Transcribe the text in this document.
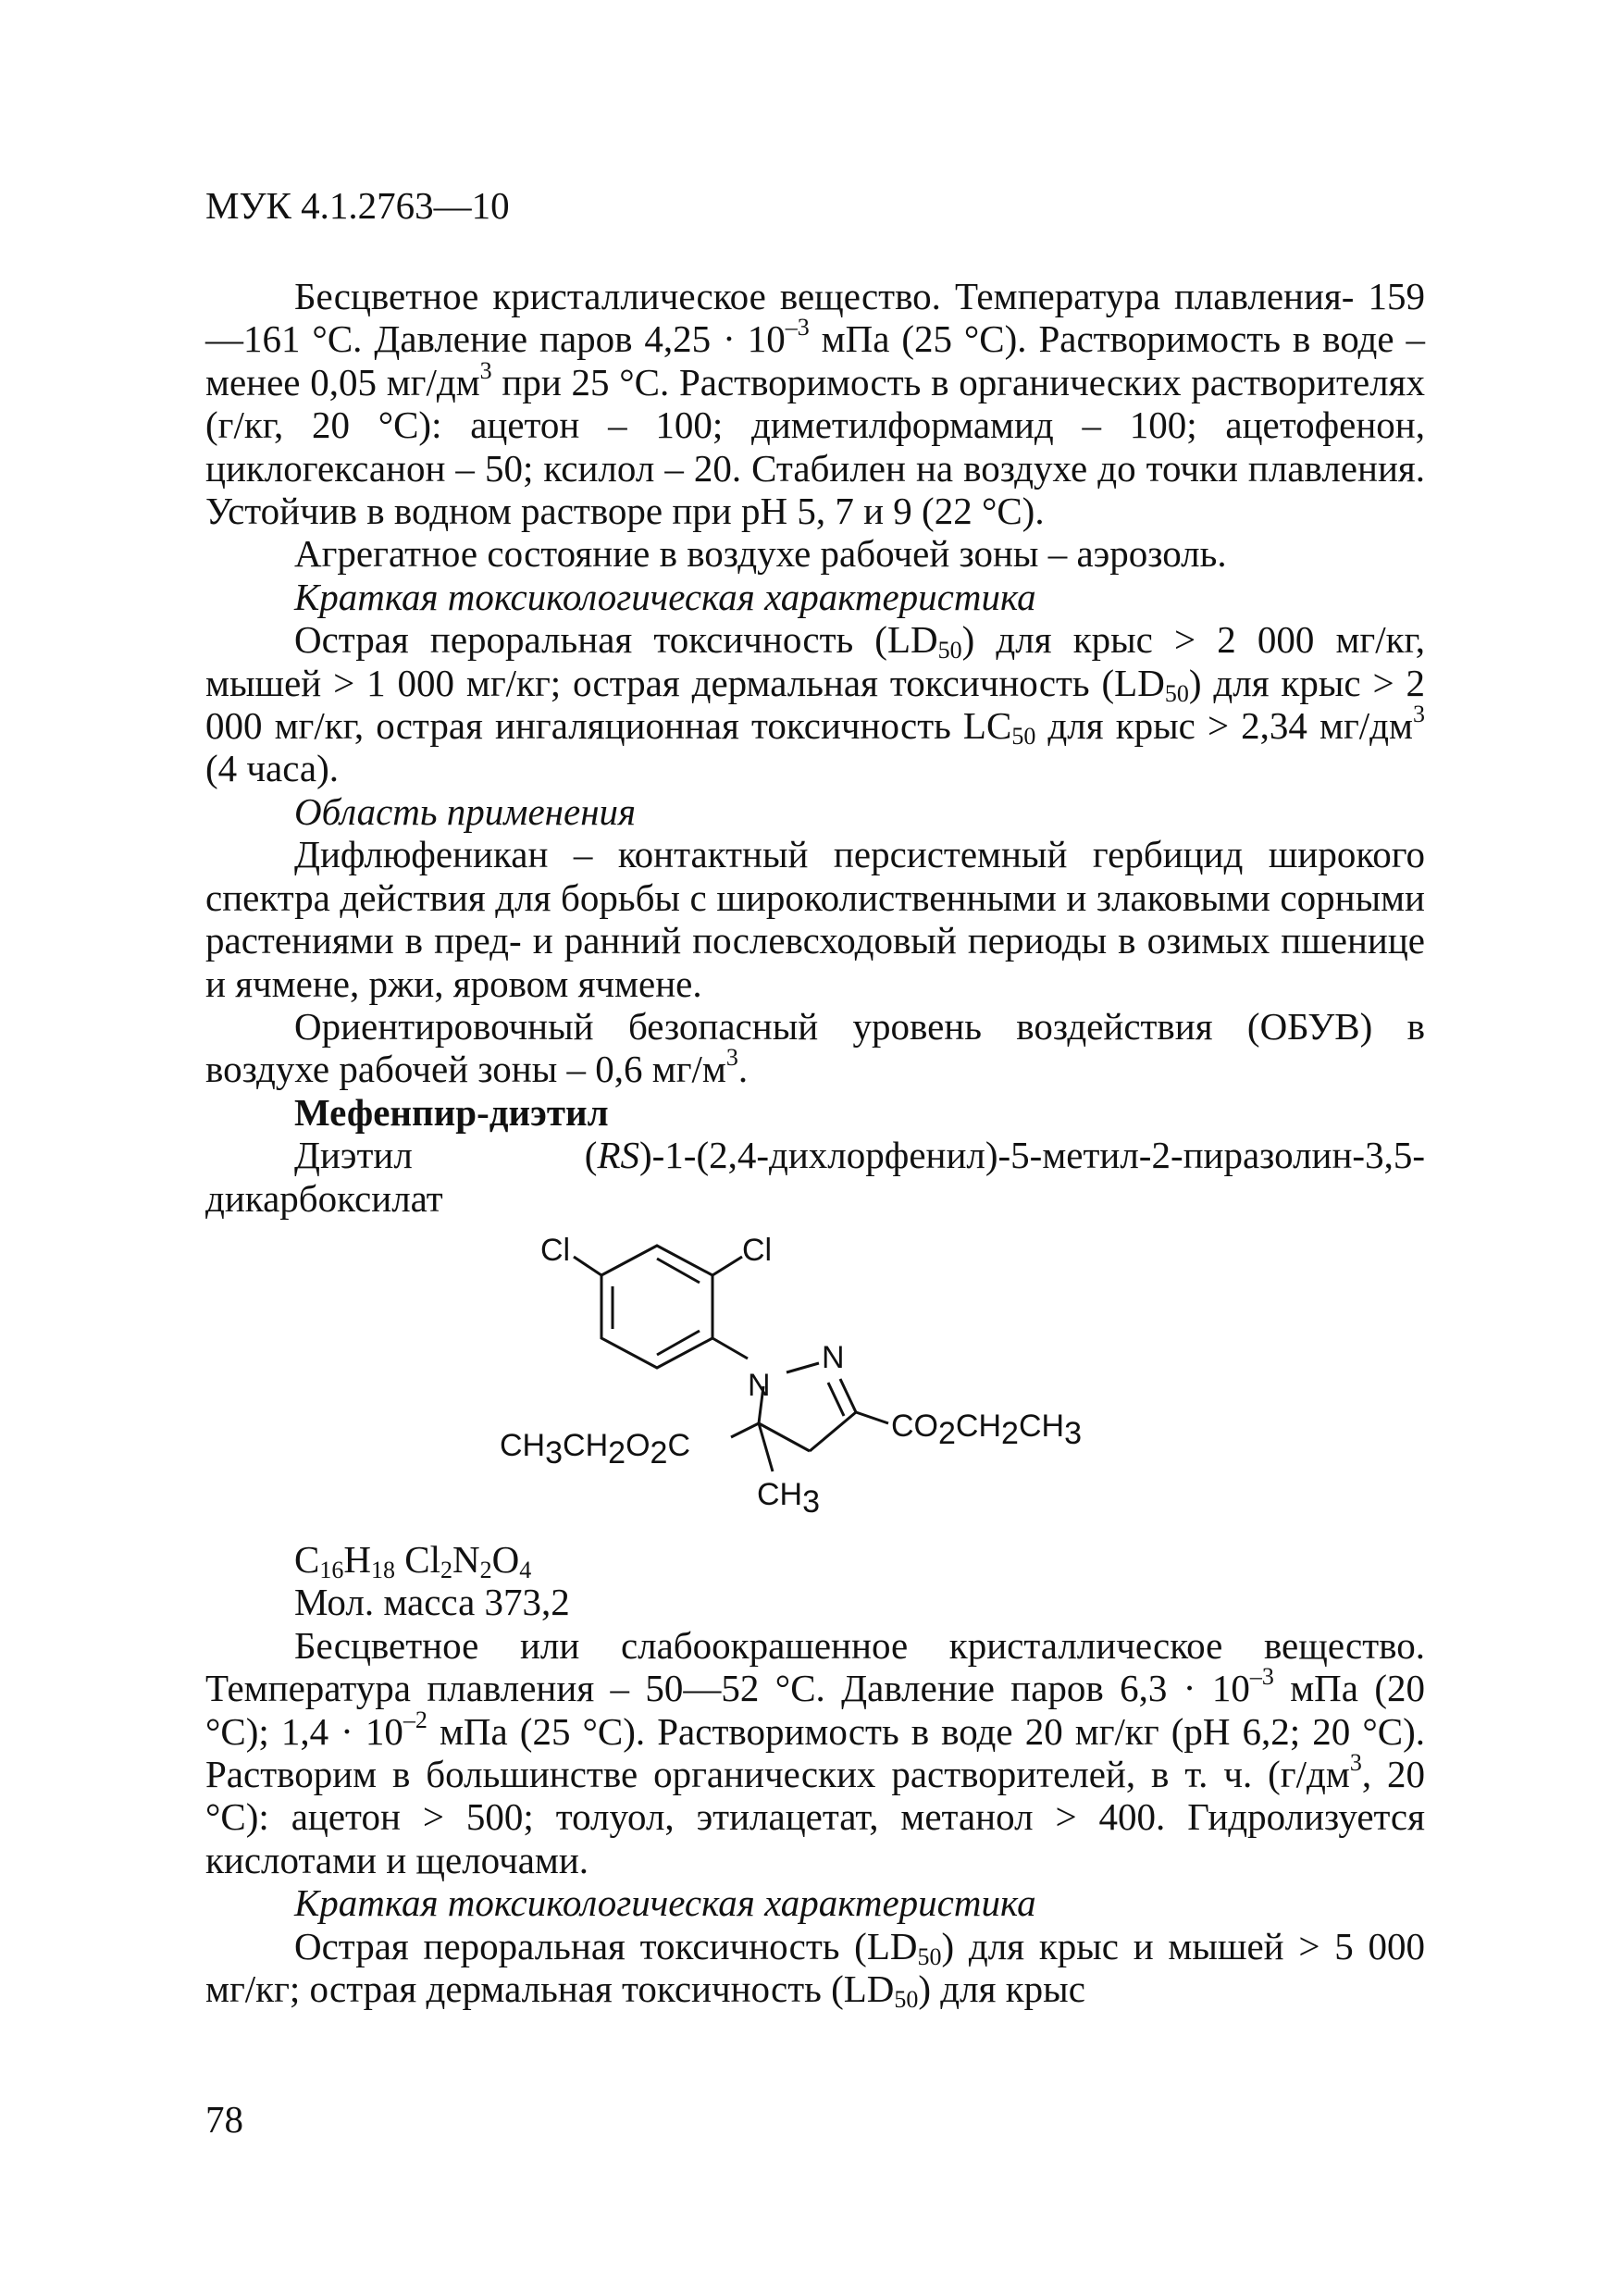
МУК 4.1.2763—10

Бесцветное кристаллическое вещество. Температура плавления- 159—161 °С. Давление паров $4,25 \cdot 10^{-3}$ мПа (25 °С). Растворимость в воде – менее 0,05 $мг/дм^3$ при 25 °С. Растворимость в органических растворителях (г/кг, 20 °С): ацетон – 100; диметилформамид – 100; ацетофенон, циклогексанон – 50; ксилол – 20. Стабилен на воздухе до точки плавления. Устойчив в водном растворе при рН 5, 7 и 9 (22 °С).

Агрегатное состояние в воздухе рабочей зоны – аэрозоль.

Краткая токсикологическая характеристика

Острая пероральная токсичность $(LD_{50})$ для крыс > 2 000 мг/кг, мышей > 1 000 мг/кг; острая дермальная токсичность $(LD_{50})$ для крыс > 2 000 мг/кг, острая ингаляционная токсичность $LC_{50}$ для крыс > 2,34 $мг/дм^3$ (4 часа).

Область применения

Дифлюфеникан – контактный персистемный гербицид широкого спектра действия для борьбы с широколиственными и злаковыми сорными растениями в пред- и ранний послевсходовый периоды в озимых пшенице и ячмене, ржи, яровом ячмене.

Ориентировочный безопасный уровень воздействия (ОБУВ) в воздухе рабочей зоны – 0,6 $мг/м^3$.

Мефенпир-диэтил

Диэтил (RS)-1-(2,4-дихлорфенил)-5-метил-2-пиразолин-3,5-дикарбоксилат

Cl	Cl
N
N
CO2CH2CH3
CH3CH2O2C
CH3

$C_{16}H_{18}$ $Cl_2N_2O_4$

Мол. масса 373,2

Бесцветное или слабоокрашенное кристаллическое вещество. Температура плавления – 50—52 °С. Давление паров $6,3 \cdot 10^{-3}$ мПа (20 °С); $1,4 \cdot 10^{-2}$ мПа (25 °С). Растворимость в воде 20 мг/кг (рН 6,2; 20 °С). Растворим в большинстве органических растворителей, в т. ч. ($г/дм^3$, 20 °С): ацетон > 500; толуол, этилацетат, метанол > 400. Гидролизуется кислотами и щелочами.

Краткая токсикологическая характеристика

Острая пероральная токсичность $(LD_{50})$ для крыс и мышей > 5 000 мг/кг; острая дермальная токсичность $(LD_{50})$ для крыс

78
